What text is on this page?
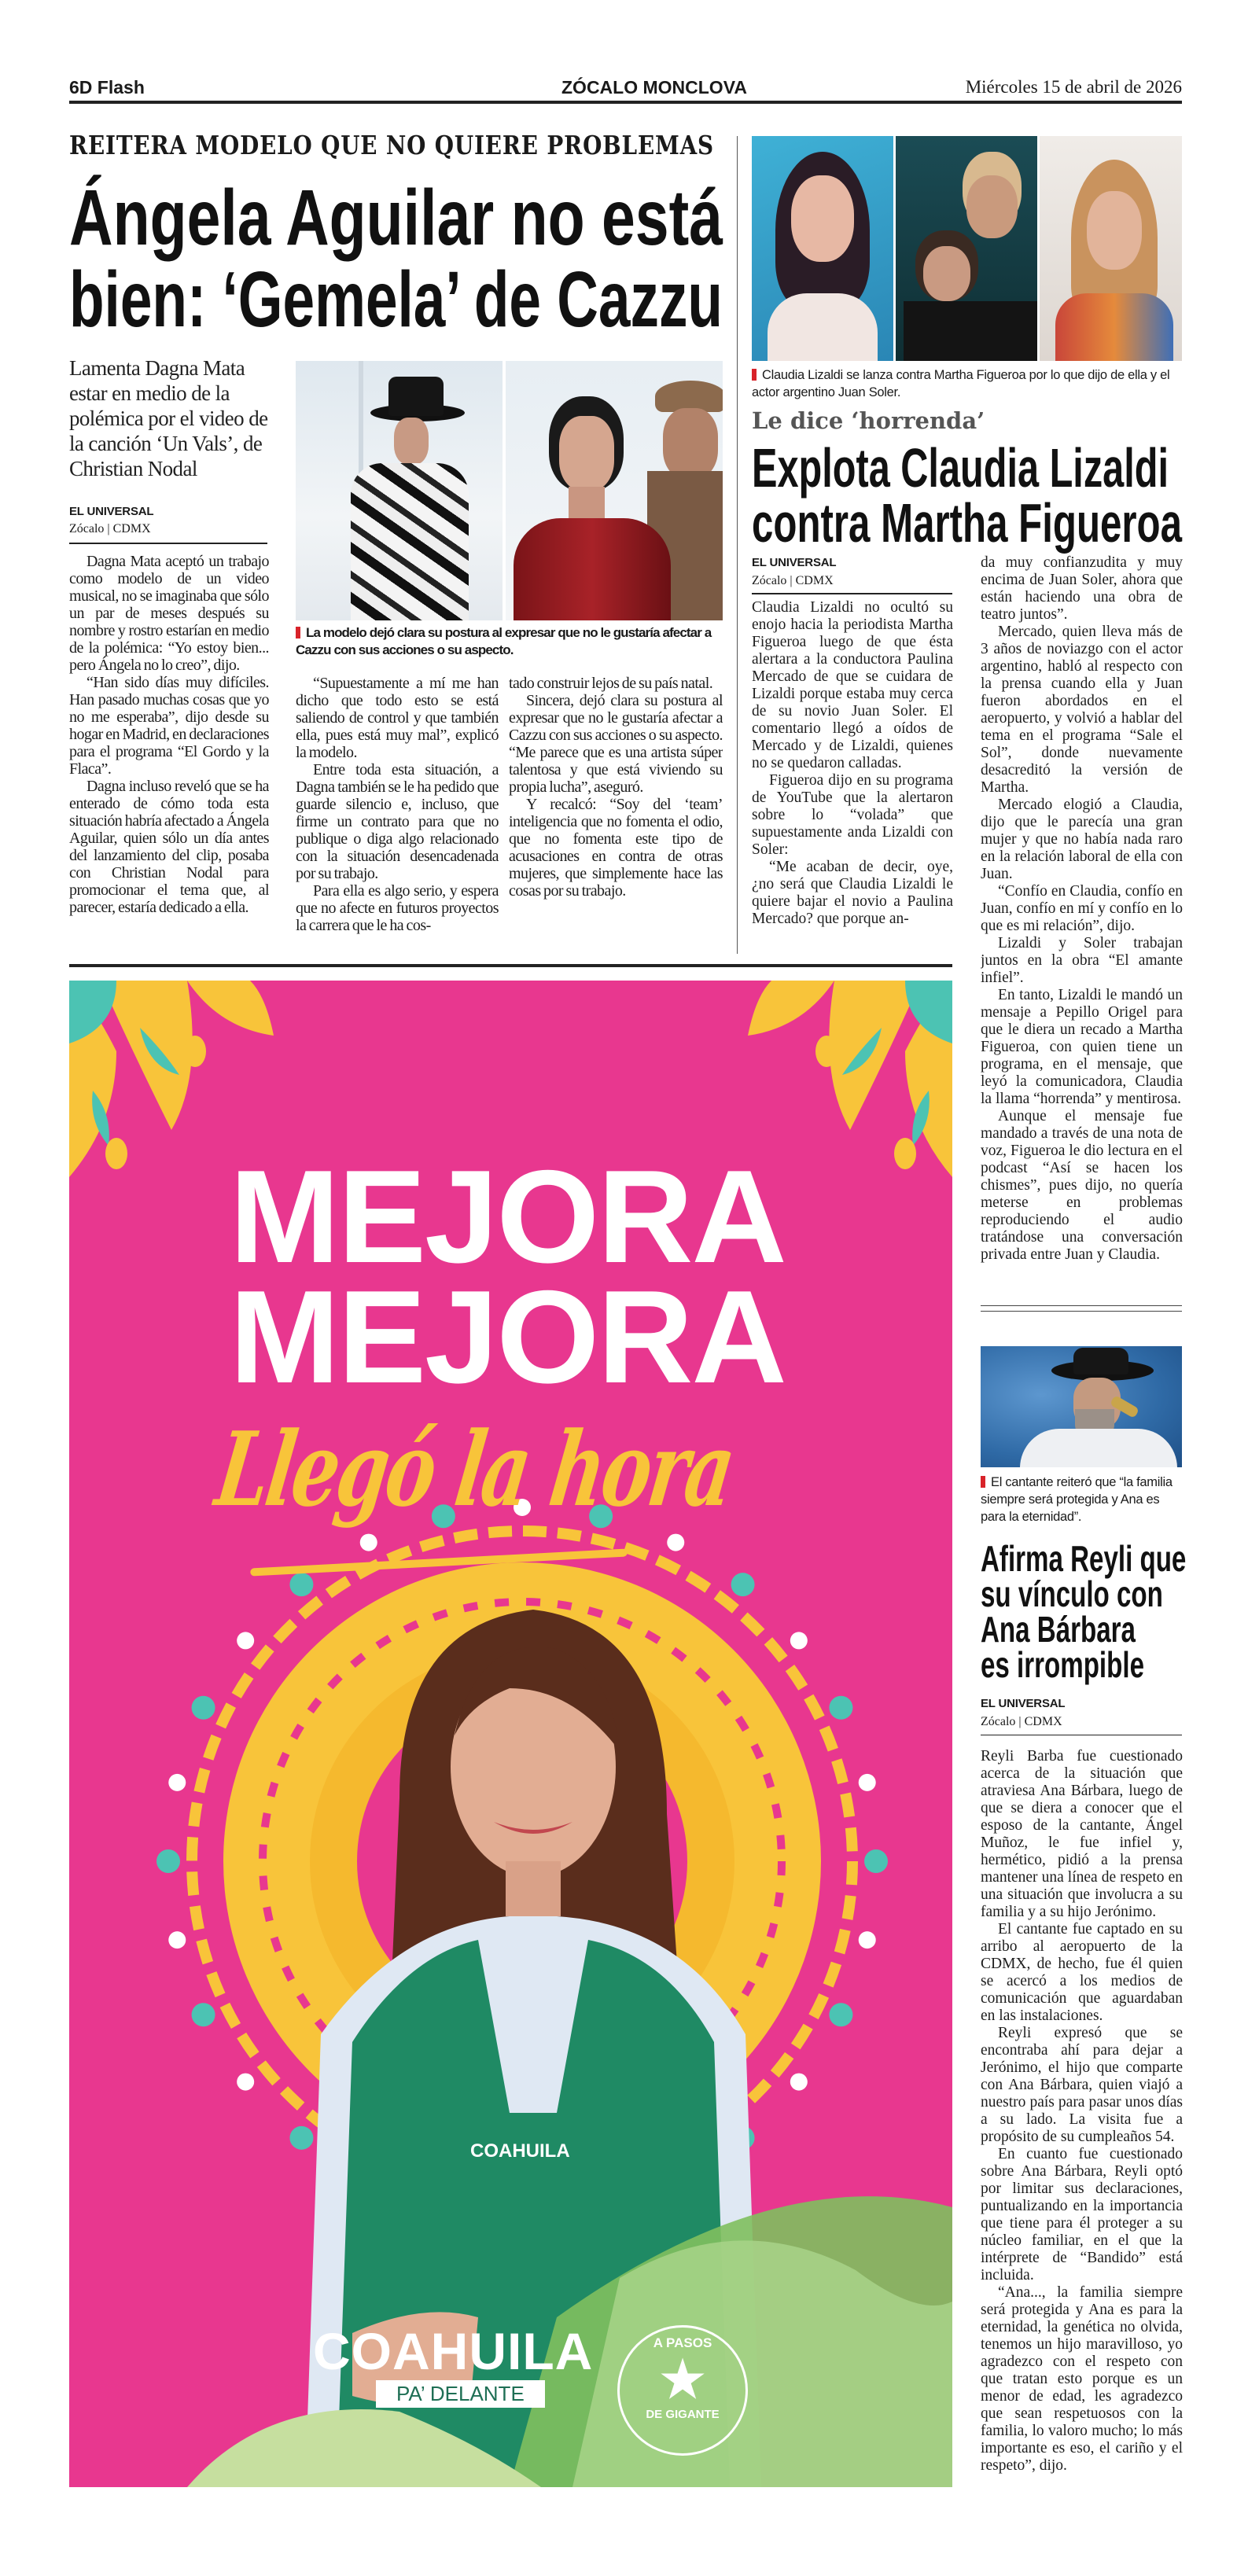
6D Flash	ZÓCALO MONCLOVA	Miércoles 15 de abril de 2026
REITERA MODELO QUE NO QUIERE PROBLEMAS
Ángela Aguilar no está
bien: ‘Gemela’ de Cazzu
Lamenta Dagna Mata estar en medio de la polémica por el video de la canción ‘Un Vals’, de Christian Nodal
EL UNIVERSAL
Zócalo | CDMX
La modelo dejó clara su postura al expresar que no le gustaría afectar a Cazzu con sus acciones o su aspecto.

Dagna Mata aceptó un trabajo como modelo de un video musical, no se imaginaba que sólo un par de meses después su nombre y rostro estarían en medio de la polémica: “Yo estoy bien... pero Ángela no lo creo”, dijo.

“Han sido días muy difíciles. Han pasado muchas cosas que yo no me esperaba”, dijo desde su hogar en Madrid, en declaraciones para el programa “El Gordo y la Flaca”.

Dagna incluso reveló que se ha enterado de cómo toda esta situación habría afectado a Ángela Aguilar, quien sólo un día antes del lanzamiento del clip, posaba con Christian Nodal para promocionar el tema que, al parecer, estaría dedicado a ella.

“Supuestamente a mí me han dicho que todo esto se está saliendo de control y que también ella, pues está muy mal”, explicó la modelo.

Entre toda esta situación, a Dagna también se le ha pedido que guarde silencio e, incluso, que firme un contrato para que no publique o diga algo relacionado con la situación desencadenada por su trabajo.

Para ella es algo serio, y espera que no afecte en futuros proyectos la carrera que le ha cos-

tado construir lejos de su país natal.

Sincera, dejó clara su postura al expresar que no le gustaría afectar a Cazzu con sus acciones o su aspecto. “Me parece que es una artista súper talentosa y que está viviendo su propia lucha”, aseguró.

Y recalcó: “Soy del ‘team’ inteligencia que no fomenta el odio, que no fomenta este tipo de acusaciones en contra de otras mujeres, que simplemente hace las cosas por su trabajo.

Claudia Lizaldi se lanza contra Martha Figueroa por lo que dijo de ella y el actor argentino Juan Soler.
Le dice ‘horrenda’
Explota Claudia Lizaldi
contra Martha Figueroa
EL UNIVERSAL
Zócalo | CDMX

Claudia Lizaldi no ocultó su enojo hacia la periodista Martha Figueroa luego de que ésta alertara a la conductora Paulina Mercado de que se cuidara de Lizaldi porque estaba muy cerca de su novio Juan Soler. El comentario llegó a oídos de Mercado y de Lizaldi, quienes no se quedaron calladas.

Figueroa dijo en su programa de YouTube que la alertaron sobre lo “volada” que supuestamente anda Lizaldi con Soler:

“Me acaban de decir, oye, ¿no será que Claudia Lizaldi le quiere bajar el novio a Paulina Mercado? que porque an-

da muy confianzudita y muy encima de Juan Soler, ahora que están haciendo una obra de teatro juntos”.

Mercado, quien lleva más de 3 años de noviazgo con el actor argentino, habló al respecto con la prensa cuando ella y Juan fueron abordados en el aeropuerto, y volvió a hablar del tema en el programa “Sale el Sol”, donde nuevamente desacreditó la versión de Martha.

Mercado elogió a Claudia, dijo que le parecía una gran mujer y que no había nada raro en la relación laboral de ella con Juan.

“Confío en Claudia, confío en Juan, confío en mí y confío en lo que es mi relación”, dijo.

Lizaldi y Soler trabajan juntos en la obra “El amante infiel”.

En tanto, Lizaldi le mandó un mensaje a Pepillo Origel para que le diera un recado a Martha Figueroa, con quien tiene un programa, en el mensaje, que leyó la comunicadora, Claudia la llama “horrenda” y mentirosa.

Aunque el mensaje fue mandado a través de una nota de voz, Figueroa le dio lectura en el podcast “Así se hacen los chismes”, pues dijo, no quería meterse en problemas reproduciendo el audio tratándose una conversación privada entre Juan y Claudia.

El cantante reiteró que “la familia siempre será protegida y Ana es para la eternidad”.
Afirma Reyli que
su vínculo con
Ana Bárbara
es irrompible
EL UNIVERSAL
Zócalo | CDMX

Reyli Barba fue cuestionado acerca de la situación que atraviesa Ana Bárbara, luego de que se diera a conocer que el esposo de la cantante, Ángel Muñoz, le fue infiel y, hermético, pidió a la prensa mantener una línea de respeto en una situación que involucra a su familia y a su hijo Jerónimo.

El cantante fue captado en su arribo al aeropuerto de la CDMX, de hecho, fue él quien se acercó a los medios de comunicación que aguardaban en las instalaciones.

Reyli expresó que se encontraba ahí para dejar a Jerónimo, el hijo que comparte con Ana Bárbara, quien viajó a nuestro país para pasar unos días a su lado. La visita fue a propósito de su cumpleaños 54.

En cuanto fue cuestionado sobre Ana Bárbara, Reyli optó por limitar sus declaraciones, puntualizando en la importancia que tiene para él proteger a su núcleo familiar, en el que la intérprete de “Bandido” está incluida.

“Ana..., la familia siempre será protegida y Ana es para la eternidad, la genética no olvida, tenemos un hijo maravilloso, yo agradezco con el respeto con que tratan esto porque es un menor de edad, les agradezco que sean respetuosos con la familia, lo valoro mucho; lo más importante es eso, el cariño y el respeto”, dijo.

MEJORA
MEJORA
Llegó la hora
COAHUILA
COAHUILA
PA’ DELANTE
A PASOS
★
DE GIGANTE
